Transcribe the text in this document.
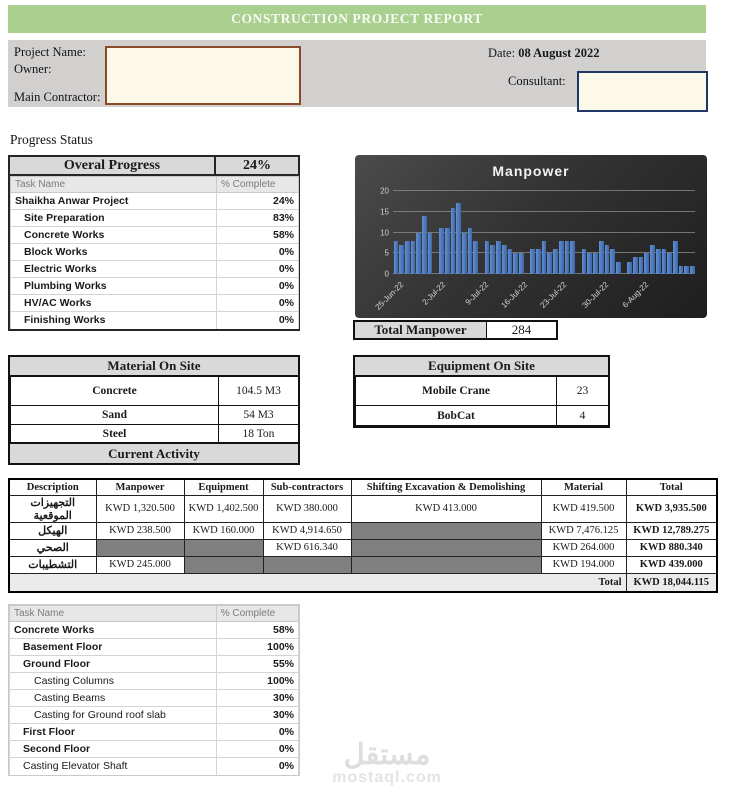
CONSTRUCTION PROJECT REPORT
Project Name:
Owner:
Main Contractor:
Date: 08 August 2022
Consultant:
Progress Status
Overal Progress	24%
Task Name	% Complete
Shaikha Anwar Project	24%
Site Preparation	83%
Concrete Works	58%
Block Works	0%
Electric Works	0%
Plumbing Works	0%
HV/AC Works	0%
Finishing Works	0%
Manpower
0
5
10
15
20
25-Jun-22	2-Jul-22	9-Jul-22	16-Jul-22	23-Jul-22	30-Jul-22	6-Aug-22
Total Manpower	284
Material On Site
Concrete	104.5 M3
Sand	54 M3
Steel	18 Ton
Current Activity
Equipment On Site
Mobile Crane	23
BobCat	4
Description	Manpower	Equipment	Sub-contractors	Shifting Excavation & Demolishing	Material	Total
التجهيزات الموقعية	KWD 1,320.500	KWD 1,402.500	KWD 380.000	KWD 413.000	KWD 419.500	KWD 3,935.500
الهيكل	KWD 238.500	KWD 160.000	KWD 4,914.650		KWD 7,476.125	KWD 12,789.275
الصحي			KWD 616.340		KWD 264.000	KWD 880.340
التشطيبات	KWD 245.000				KWD 194.000	KWD 439.000
Total						KWD 18,044.115
Task Name	% Complete
Concrete Works	58%
Basement Floor	100%
Ground Floor	55%
Casting Columns	100%
Casting Beams	30%
Casting for Ground roof slab	30%
First Floor	0%
Second Floor	0%
Casting Elevator Shaft	0%	مستقل
mostaql.com
